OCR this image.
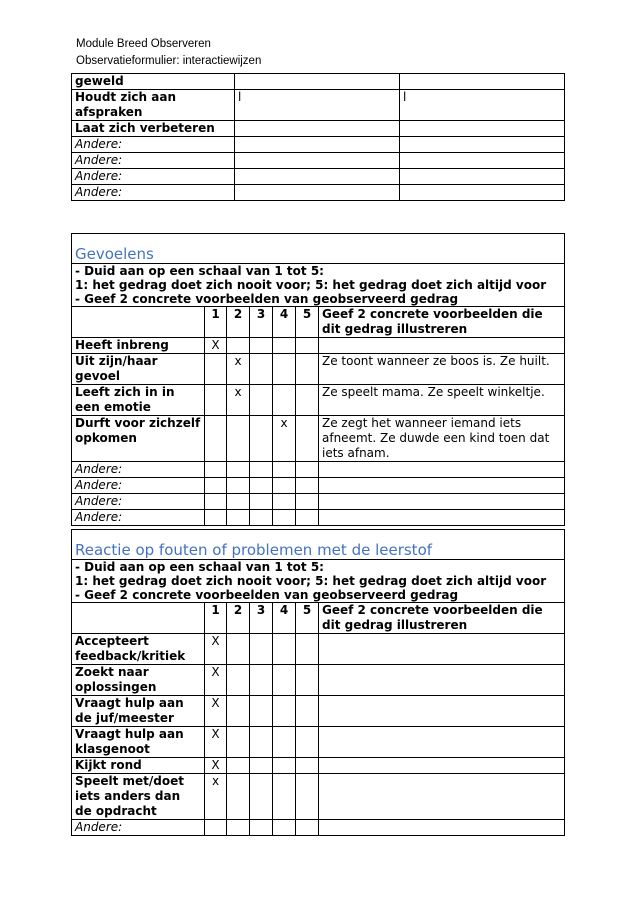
Module Breed Observeren
Observatieformulier: interactiewijzen
geweld		
Houdt zich aan afspraken	l	l
Laat zich verbeteren		
Andere:		
Andere:		
Andere:		
Andere:		
Gevoelens						

- Duid aan op een schaal van 1 tot 5:
1: het gedrag doet zich nooit voor; 5: het gedrag doet zich altijd voor
- Geef 2 concrete voorbeelden van geobserveerd gedrag						

	1	2	3	4	5	Geef 2 concrete voorbeelden die dit gedrag illustreren
Heeft inbreng	X					
Uit zijn/haar gevoel		x				Ze toont wanneer ze boos is. Ze huilt.
Leeft zich in in een emotie		x				Ze speelt mama. Ze speelt winkeltje.
Durft voor zichzelf opkomen				x		Ze zegt het wanneer iemand iets afneemt. Ze duwde een kind toen dat iets afnam.
Andere:						
Andere:						
Andere:						
Andere:						
Reactie op fouten of problemen met de leerstof						

- Duid aan op een schaal van 1 tot 5:
1: het gedrag doet zich nooit voor; 5: het gedrag doet zich altijd voor
- Geef 2 concrete voorbeelden van geobserveerd gedrag						

	1	2	3	4	5	Geef 2 concrete voorbeelden die dit gedrag illustreren
Accepteert feedback/kritiek	X					
Zoekt naar oplossingen	X					
Vraagt hulp aan de juf/meester	X					
Vraagt hulp aan klasgenoot	X					
Kijkt rond	X					
Speelt met/doet iets anders dan de opdracht	x					
Andere:						
